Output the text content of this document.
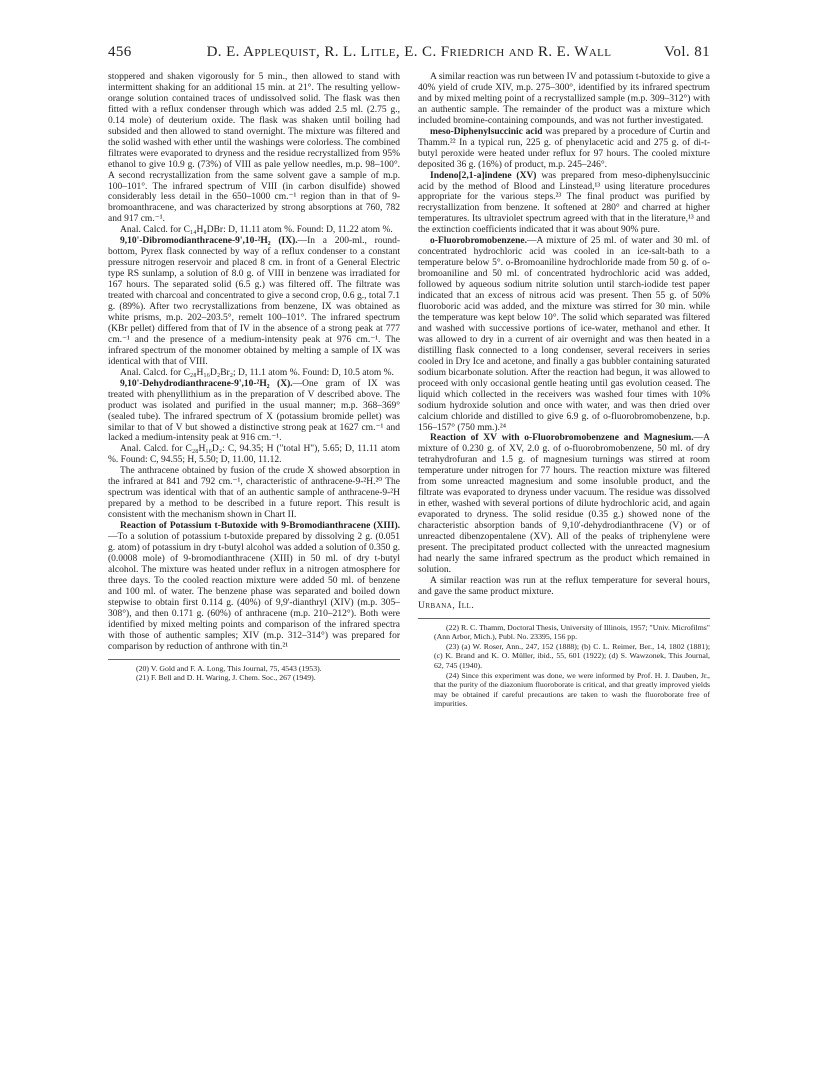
456	D. E. Applequist, R. L. Litle, E. C. Friedrich and R. E. Wall	Vol. 81

stoppered and shaken vigorously for 5 min., then allowed to stand with intermittent shaking for an additional 15 min. at 21°. The resulting yellow-orange solution contained traces of undissolved solid. The flask was then fitted with a reflux condenser through which was added 2.5 ml. (2.75 g., 0.14 mole) of deuterium oxide. The flask was shaken until boiling had subsided and then allowed to stand overnight. The mixture was filtered and the solid washed with ether until the washings were colorless. The combined filtrates were evaporated to dryness and the residue recrystallized from 95% ethanol to give 10.9 g. (73%) of VIII as pale yellow needles, m.p. 98–100°. A second recrystallization from the same solvent gave a sample of m.p. 100–101°. The infrared spectrum of VIII (in carbon disulfide) showed considerably less detail in the 650–1000 cm.⁻¹ region than in that of 9-bromoanthracene, and was characterized by strong absorptions at 760, 782 and 917 cm.⁻¹.

Anal. Calcd. for C₁₄H₈DBr: D, 11.11 atom %. Found: D, 11.22 atom %.

9,10'-Dibromodianthracene-9',10-²H₂ (IX).—In a 200-ml., round-bottom, Pyrex flask connected by way of a reflux condenser to a constant pressure nitrogen reservoir and placed 8 cm. in front of a General Electric type RS sunlamp, a solution of 8.0 g. of VIII in benzene was irradiated for 167 hours. The separated solid (6.5 g.) was filtered off. The filtrate was treated with charcoal and concentrated to give a second crop, 0.6 g., total 7.1 g. (89%). After two recrystallizations from benzene, IX was obtained as white prisms, m.p. 202–203.5°, remelt 100–101°. The infrared spectrum (KBr pellet) differed from that of IV in the absence of a strong peak at 777 cm.⁻¹ and the presence of a medium-intensity peak at 976 cm.⁻¹. The infrared spectrum of the monomer obtained by melting a sample of IX was identical with that of VIII.

Anal. Calcd. for C₂₈H₁₆D₂Br₂; D, 11.1 atom %. Found: D, 10.5 atom %.

9,10'-Dehydrodianthracene-9',10-²H₂ (X).—One gram of IX was treated with phenyllithium as in the preparation of V described above. The product was isolated and purified in the usual manner; m.p. 368–369° (sealed tube). The infrared spectrum of X (potassium bromide pellet) was similar to that of V but showed a distinctive strong peak at 1627 cm.⁻¹ and lacked a medium-intensity peak at 916 cm.⁻¹.

Anal. Calcd. for C₂₈H₁₆D₂: C, 94.35; H ("total H"), 5.65; D, 11.11 atom %. Found: C, 94.55; H, 5.50; D, 11.00, 11.12.

The anthracene obtained by fusion of the crude X showed absorption in the infrared at 841 and 792 cm.⁻¹, characteristic of anthracene-9-²H.²⁰ The spectrum was identical with that of an authentic sample of anthracene-9-²H prepared by a method to be described in a future report. This result is consistent with the mechanism shown in Chart II.

Reaction of Potassium t-Butoxide with 9-Bromodianthracene (XIII).—To a solution of potassium t-butoxide prepared by dissolving 2 g. (0.051 g. atom) of potassium in dry t-butyl alcohol was added a solution of 0.350 g. (0.0008 mole) of 9-bromodianthracene (XIII) in 50 ml. of dry t-butyl alcohol. The mixture was heated under reflux in a nitrogen atmosphere for three days. To the cooled reaction mixture were added 50 ml. of benzene and 100 ml. of water. The benzene phase was separated and boiled down stepwise to obtain first 0.114 g. (40%) of 9,9'-dianthryl (XIV) (m.p. 305–308°), and then 0.171 g. (60%) of anthracene (m.p. 210–212°). Both were identified by mixed melting points and comparison of the infrared spectra with those of authentic samples; XIV (m.p. 312–314°) was prepared for comparison by reduction of anthrone with tin.²¹

(20) V. Gold and F. A. Long, This Journal, 75, 4543 (1953).

(21) F. Bell and D. H. Waring, J. Chem. Soc., 267 (1949).

A similar reaction was run between IV and potassium t-butoxide to give a 40% yield of crude XIV, m.p. 275–300°, identified by its infrared spectrum and by mixed melting point of a recrystallized sample (m.p. 309–312°) with an authentic sample. The remainder of the product was a mixture which included bromine-containing compounds, and was not further investigated.

meso-Diphenylsuccinic acid was prepared by a procedure of Curtin and Thamm.²² In a typical run, 225 g. of phenylacetic acid and 275 g. of di-t-butyl peroxide were heated under reflux for 97 hours. The cooled mixture deposited 36 g. (16%) of product, m.p. 245–246°.

Indeno[2,1-a]indene (XV) was prepared from meso-diphenylsuccinic acid by the method of Blood and Linstead,¹³ using literature procedures appropriate for the various steps.²³ The final product was purified by recrystallization from benzene. It softened at 280° and charred at higher temperatures. Its ultraviolet spectrum agreed with that in the literature,¹³ and the extinction coefficients indicated that it was about 90% pure.

o-Fluorobromobenzene.—A mixture of 25 ml. of water and 30 ml. of concentrated hydrochloric acid was cooled in an ice-salt-bath to a temperature below 5°. o-Bromoaniline hydrochloride made from 50 g. of o-bromoaniline and 50 ml. of concentrated hydrochloric acid was added, followed by aqueous sodium nitrite solution until starch-iodide test paper indicated that an excess of nitrous acid was present. Then 55 g. of 50% fluoroboric acid was added, and the mixture was stirred for 30 min. while the temperature was kept below 10°. The solid which separated was filtered and washed with successive portions of ice-water, methanol and ether. It was allowed to dry in a current of air overnight and was then heated in a distilling flask connected to a long condenser, several receivers in series cooled in Dry Ice and acetone, and finally a gas bubbler containing saturated sodium bicarbonate solution. After the reaction had begun, it was allowed to proceed with only occasional gentle heating until gas evolution ceased. The liquid which collected in the receivers was washed four times with 10% sodium hydroxide solution and once with water, and was then dried over calcium chloride and distilled to give 6.9 g. of o-fluorobromobenzene, b.p. 156–157° (750 mm.).²⁴

Reaction of XV with o-Fluorobromobenzene and Magnesium.—A mixture of 0.230 g. of XV, 2.0 g. of o-fluorobromobenzene, 50 ml. of dry tetrahydrofuran and 1.5 g. of magnesium turnings was stirred at room temperature under nitrogen for 77 hours. The reaction mixture was filtered from some unreacted magnesium and some insoluble product, and the filtrate was evaporated to dryness under vacuum. The residue was dissolved in ether, washed with several portions of dilute hydrochloric acid, and again evaporated to dryness. The solid residue (0.35 g.) showed none of the characteristic absorption bands of 9,10'-dehydrodianthracene (V) or of unreacted dibenzopentalene (XV). All of the peaks of triphenylene were present. The precipitated product collected with the unreacted magnesium had nearly the same infrared spectrum as the product which remained in solution.

A similar reaction was run at the reflux temperature for several hours, and gave the same product mixture.

Urbana, Ill.

(22) R. C. Thamm, Doctoral Thesis, University of Illinois, 1957; "Univ. Microfilms" (Ann Arbor, Mich.), Publ. No. 23395, 156 pp.

(23) (a) W. Roser, Ann., 247, 152 (1888); (b) C. L. Reimer, Ber., 14, 1802 (1881); (c) K. Brand and K. O. Müller, ibid., 55, 601 (1922); (d) S. Wawzonek, This Journal, 62, 745 (1940).

(24) Since this experiment was done, we were informed by Prof. H. J. Dauben, Jr., that the purity of the diazonium fluoroborate is critical, and that greatly improved yields may be obtained if careful precautions are taken to wash the fluoroborate free of impurities.
